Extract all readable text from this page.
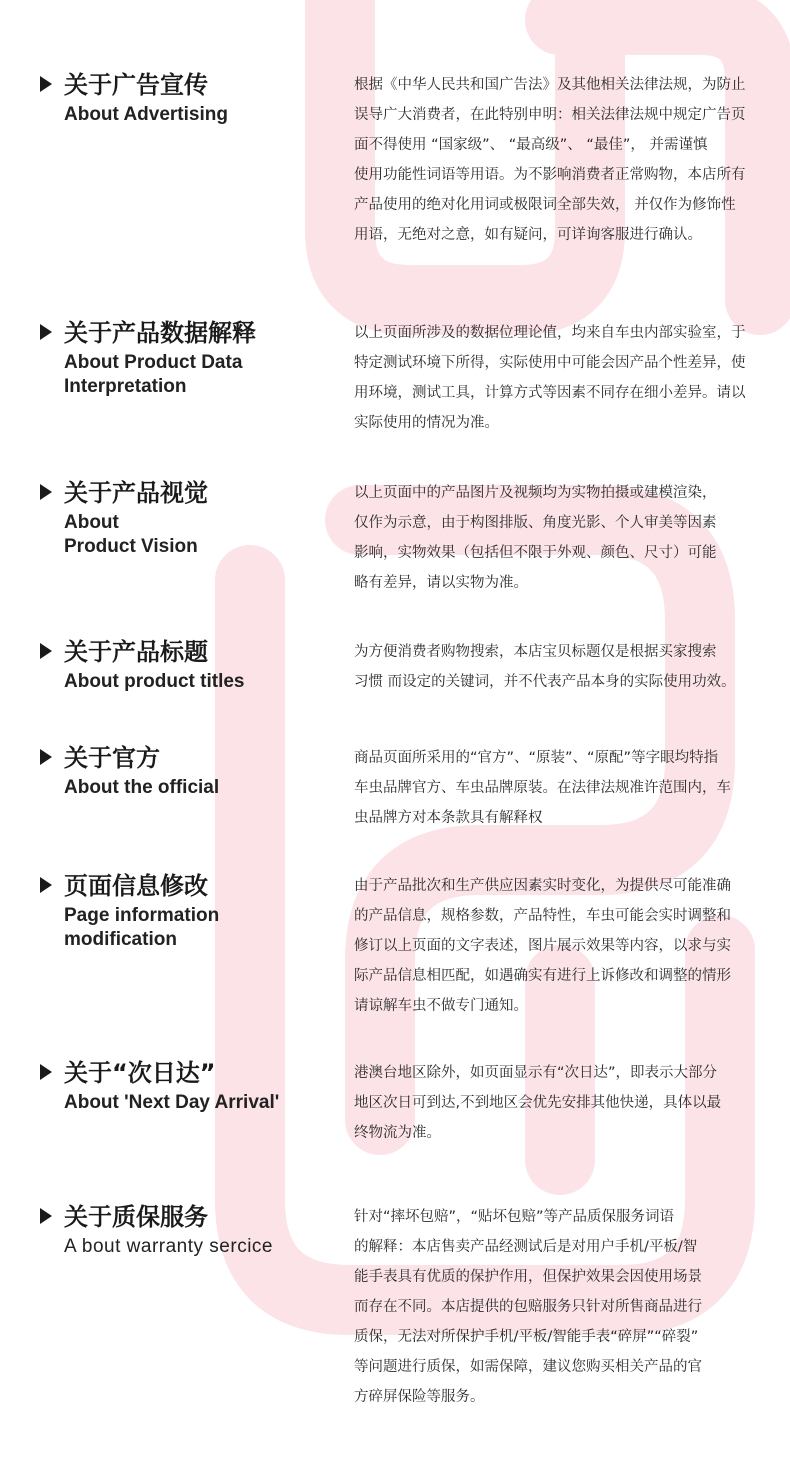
关于广告宣传
About Advertising
根据《中华人民共和国广告法》及其他相关法律法规，为防止
误导广大消费者，在此特别申明：相关法律法规中规定广告页
面不得使用 “国家级”、 “最高级”、 “最佳”， 并需谨慎
使用功能性词语等用语。为不影响消费者正常购物，本店所有
产品使用的绝对化用词或极限词全部失效， 并仅作为修饰性
用语，无绝对之意，如有疑问，可详询客服进行确认。
关于产品数据解释
About Product Data
Interpretation
以上页面所涉及的数据位理论值，均来自车虫内部实验室，于
特定测试环境下所得，实际使用中可能会因产品个性差异，使
用环境，测试工具，计算方式等因素不同存在细小差异。请以
实际使用的情况为准。
关于产品视觉
About
Product Vision
以上页面中的产品图片及视频均为实物拍摄或建模渲染，
仅作为示意，由于构图排版、角度光影、个人审美等因素
影响，实物效果（包括但不限于外观、颜色、尺寸）可能
略有差异，请以实物为准。
关于产品标题
About product titles
为方便消费者购物搜索，本店宝贝标题仅是根据买家搜索
习惯 而设定的关键词，并不代表产品本身的实际使用功效。
关于官方
About the official
商品页面所采用的“官方”、“原装”、“原配”等字眼均特指
车虫品牌官方、车虫品牌原装。在法律法规准许范围内，车
虫品牌方对本条款具有解释权
页面信息修改
Page information
modification
由于产品批次和生产供应因素实时变化，为提供尽可能准确
的产品信息，规格参数，产品特性，车虫可能会实时调整和
修订以上页面的文字表述，图片展示效果等内容，以求与实
际产品信息相匹配，如遇确实有进行上诉修改和调整的情形
请谅解车虫不做专门通知。
关于“次日达”
About 'Next Day Arrival'
港澳台地区除外，如页面显示有“次日达”，即表示大部分
地区次日可到达,不到地区会优先安排其他快递，具体以最
终物流为准。
关于质保服务
A bout warranty sercice
针对“摔坏包赔”，“贴坏包赔”等产品质保服务词语
的解释：本店售卖产品经测试后是对用户手机/平板/智
能手表具有优质的保护作用，但保护效果会因使用场景
而存在不同。本店提供的包赔服务只针对所售商品进行
质保，无法对所保护手机/平板/智能手表“碎屏”“碎裂”
等问题进行质保，如需保障，建议您购买相关产品的官
方碎屏保险等服务。
